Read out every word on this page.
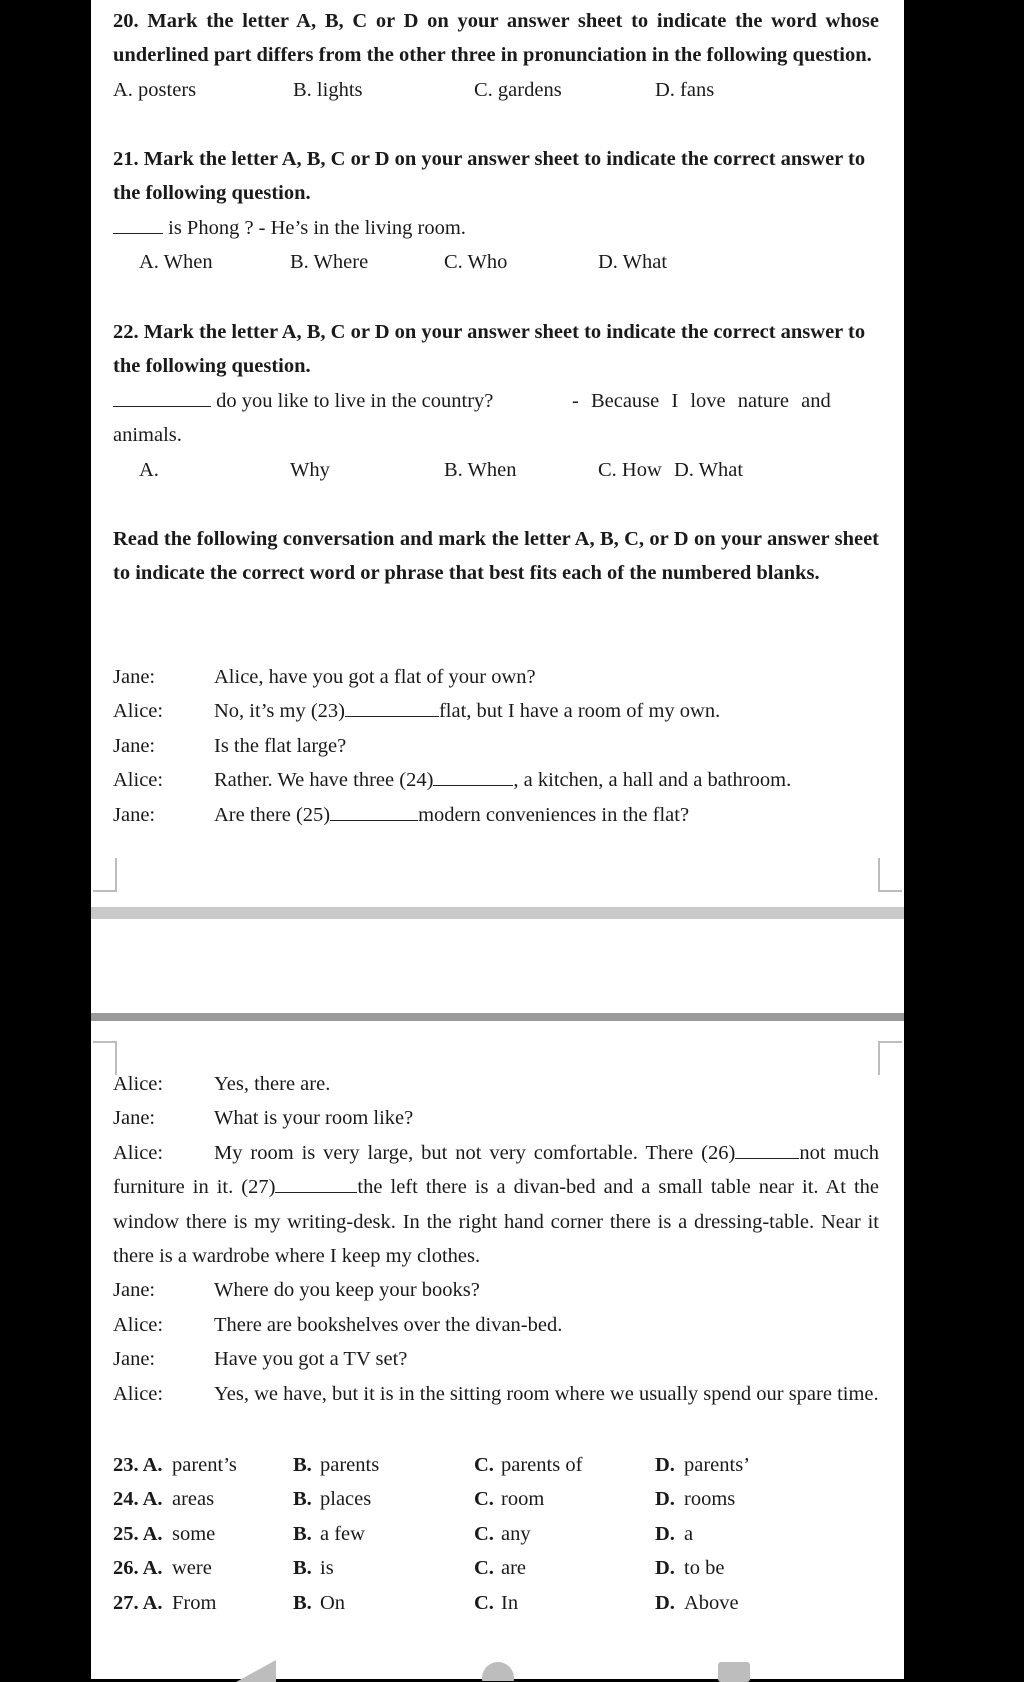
20. Mark the letter A, B, C or D on your answer sheet to indicate the word whose underlined part differs from the other three in pronunciation in the following question.
A. posters	B. lights	C. gardens	D. fans
21. Mark the letter A, B, C or D on your answer sheet to indicate the correct answer to the following question.
is Phong ? - He’s in the living room.
A. When	B. Where	C. Who	D. What
22. Mark the letter A, B, C or D on your answer sheet to indicate the correct answer to the following question.
do you like to live in the country?	- Because I love nature and
animals.
A.	Why	B. When	C. How D. What
Read the following conversation and mark the letter A, B, C, or D on your answer sheet to indicate the correct word or phrase that best fits each of the numbered blanks.
Jane:	Alice, have you got a flat of your own?
Alice:	No, it’s my (23)	flat, but I have a room of my own.
Jane:	Is the flat large?
Alice:	Rather. We have three (24)	, a kitchen, a hall and a bathroom.
Jane:	Are there (25)	modern conveniences in the flat?
Alice:	Yes, there are.
Jane:	What is your room like?
Alice:	My room is very large, but not very comfortable. There (26)	not much furniture in it. (27)	the left there is a divan-bed and a small table near it. At the window there is my writing-desk. In the right hand corner there is a dressing-table. Near it there is a wardrobe where I keep my clothes.
Jane:	Where do you keep your books?
Alice:	There are bookshelves over the divan-bed.
Jane:	Have you got a TV set?
Alice:	Yes, we have, but it is in the sitting room where we usually spend our spare time.
23. A. parent’s	B. parents	C. parents of	D. parents’
24. A. areas	B. places	C. room	D. rooms
25. A. some	B. a few	C. any	D. a
26. A. were	B. is	C. are	D. to be
27. A. From	B. On	C. In	D. Above
